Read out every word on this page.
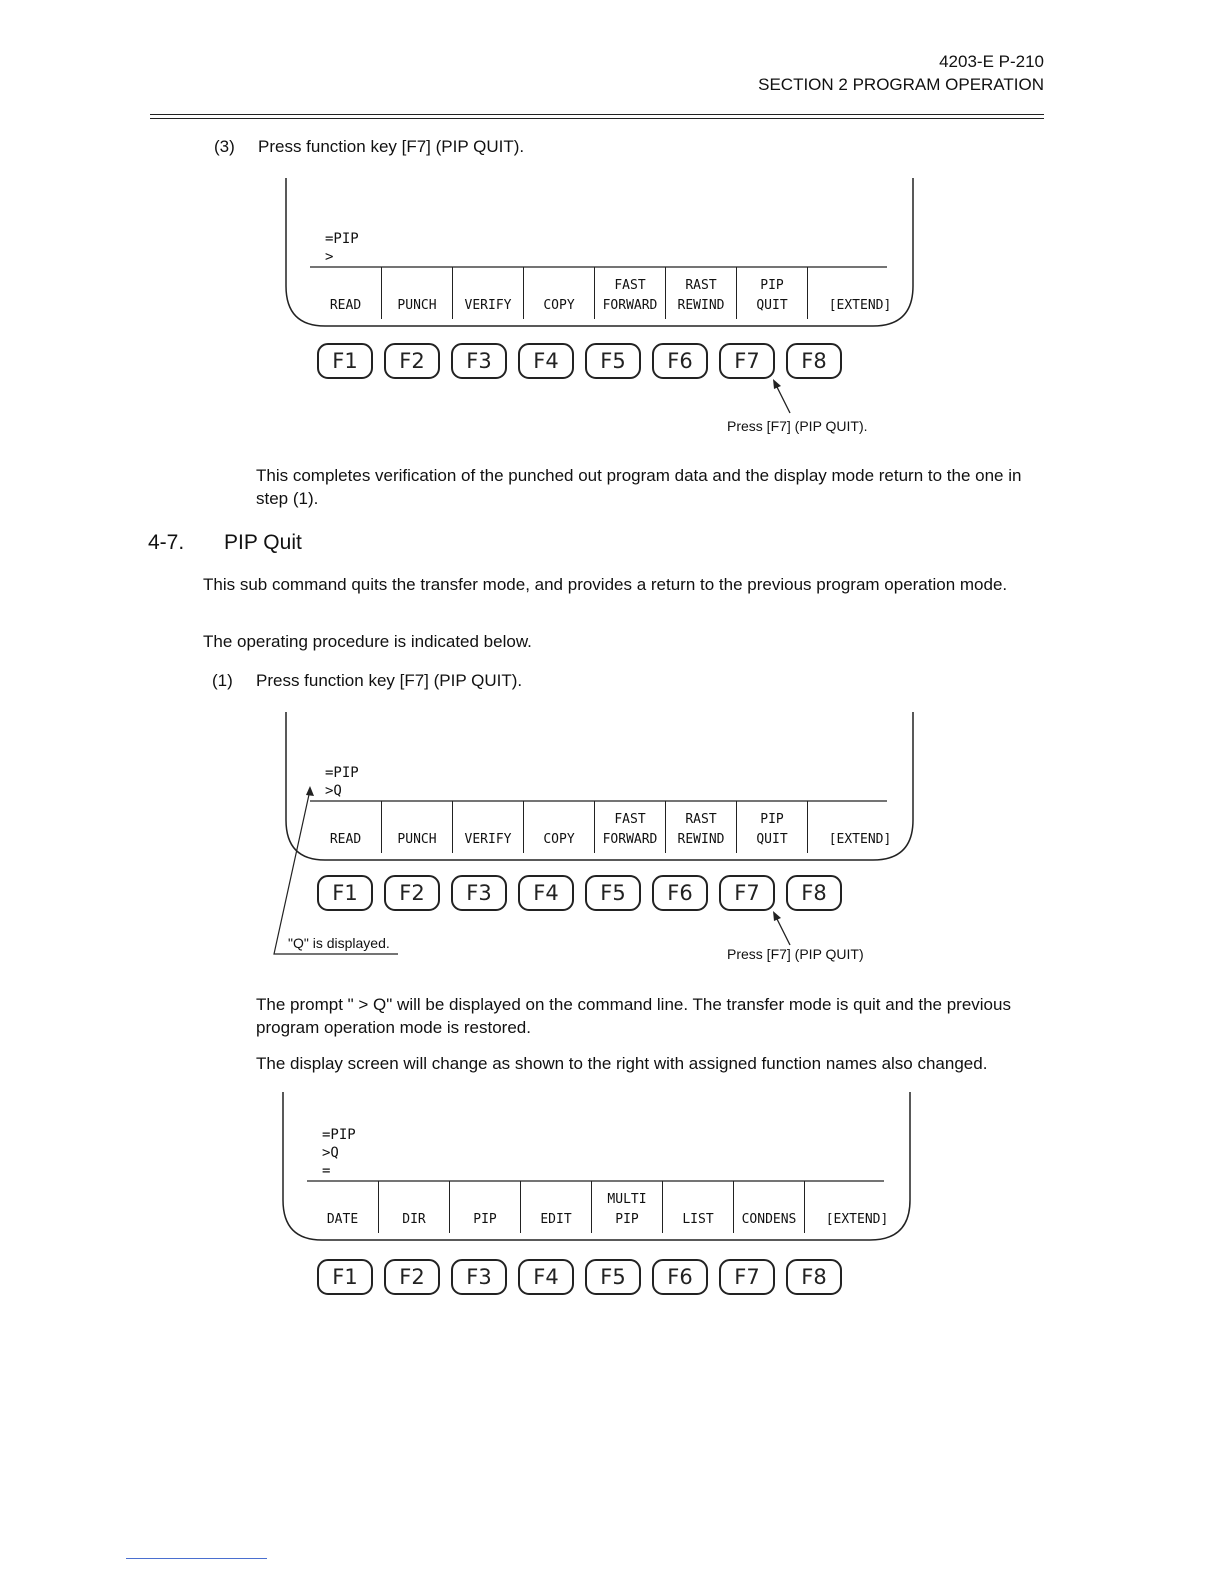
4203-E P-210
SECTION 2 PROGRAM OPERATION
(3) Press function key [F7] (PIP QUIT).
=PIP
>
READ	PUNCH VERIFY COPY
FAST
FORWARD
RAST
REWIND
PIP
QUIT	[EXTEND]
F1	F2	F3	F4	F5	F6	F7	F8
Press [F7] (PIP QUIT).

This completes verification of the punched out program data and the display mode return to the one in step (1).

4-7. PIP Quit

This sub command quits the transfer mode, and provides a return to the previous program operation mode.

The operating procedure is indicated below.

(1) Press function key [F7] (PIP QUIT).
=PIP
>Q
READ	PUNCH VERIFY COPY
FAST
FORWARD
RAST
REWIND
PIP
QUIT	[EXTEND]
F1	F2	F3	F4	F5	F6	F7	F8
"Q" is displayed.
Press [F7] (PIP QUIT)

The prompt " > Q" will be displayed on the command line. The transfer mode is quit and the previous program operation mode is restored.

The display screen will change as shown to the right with assigned function names also changed.

=PIP
>Q
=
DATE	DIR	PIP	EDIT
MULTI
PIP	LIST CONDENS [EXTEND]
F1	F2	F3	F4	F5	F6	F7	F8
